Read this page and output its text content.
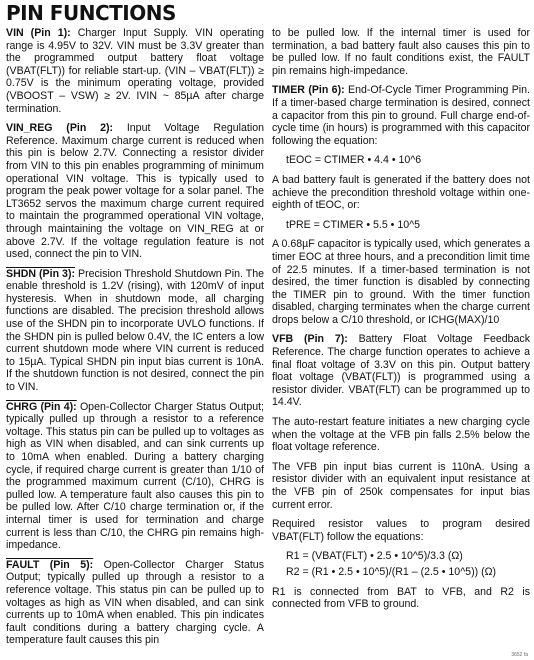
PIN FUNCTIONS

VIN (Pin 1): Charger Input Supply. VIN operating range is 4.95V to 32V. VIN must be 3.3V greater than the programmed output battery float voltage (VBAT(FLT)) for reliable start-up. (VIN – VBAT(FLT)) ≥ 0.75V is the minimum operating voltage, provided (VBOOST – VSW) ≥ 2V. IVIN ~ 85µA after charge termination.

VIN_REG (Pin 2): Input Voltage Regulation Reference. Maximum charge current is reduced when this pin is below 2.7V. Connecting a resistor divider from VIN to this pin enables programming of minimum operational VIN voltage. This is typically used to program the peak power voltage for a solar panel. The LT3652 servos the maximum charge current required to maintain the programmed operational VIN voltage, through maintaining the voltage on VIN_REG at or above 2.7V. If the voltage regulation feature is not used, connect the pin to VIN.

SHDN (Pin 3): Precision Threshold Shutdown Pin. The enable threshold is 1.2V (rising), with 120mV of input hysteresis. When in shutdown mode, all charging functions are disabled. The precision threshold allows use of the SHDN pin to incorporate UVLO functions. If the SHDN pin is pulled below 0.4V, the IC enters a low current shutdown mode where VIN current is reduced to 15µA. Typical SHDN pin input bias current is 10nA. If the shutdown function is not desired, connect the pin to VIN.

CHRG (Pin 4): Open-Collector Charger Status Output; typically pulled up through a resistor to a reference voltage. This status pin can be pulled up to voltages as high as VIN when disabled, and can sink currents up to 10mA when enabled. During a battery charging cycle, if required charge current is greater than 1/10 of the programmed maximum current (C/10), CHRG is pulled low. A temperature fault also causes this pin to be pulled low. After C/10 charge termination or, if the internal timer is used for termination and charge current is less than C/10, the CHRG pin remains high-impedance.

FAULT (Pin 5): Open-Collector Charger Status Output; typically pulled up through a resistor to a reference voltage. This status pin can be pulled up to voltages as high as VIN when disabled, and can sink currents up to 10mA when enabled. This pin indicates fault conditions during a battery charging cycle. A temperature fault causes this pin

to be pulled low. If the internal timer is used for termination, a bad battery fault also causes this pin to be pulled low. If no fault conditions exist, the FAULT pin remains high-impedance.

TIMER (Pin 6): End-Of-Cycle Timer Programming Pin. If a timer-based charge termination is desired, connect a capacitor from this pin to ground. Full charge end-of-cycle time (in hours) is programmed with this capacitor following the equation:

tEOC = CTIMER • 4.4 • 10^6

A bad battery fault is generated if the battery does not achieve the precondition threshold voltage within one-eighth of tEOC, or:

tPRE = CTIMER • 5.5 • 10^5

A 0.68µF capacitor is typically used, which generates a timer EOC at three hours, and a precondition limit time of 22.5 minutes. If a timer-based termination is not desired, the timer function is disabled by connecting the TIMER pin to ground. With the timer function disabled, charging terminates when the charge current drops below a C/10 threshold, or ICHG(MAX)/10

VFB (Pin 7): Battery Float Voltage Feedback Reference. The charge function operates to achieve a final float voltage of 3.3V on this pin. Output battery float voltage (VBAT(FLT)) is programmed using a resistor divider. VBAT(FLT) can be programmed up to 14.4V.

The auto-restart feature initiates a new charging cycle when the voltage at the VFB pin falls 2.5% below the float voltage reference.

The VFB pin input bias current is 110nA. Using a resistor divider with an equivalent input resistance at the VFB pin of 250k compensates for input bias current error.

Required resistor values to program desired VBAT(FLT) follow the equations:

R1 = (VBAT(FLT) • 2.5 • 10^5)/3.3 (Ω)

R2 = (R1 • 2.5 • 10^5)/(R1 – (2.5 • 10^5)) (Ω)

R1 is connected from BAT to VFB, and R2 is connected from VFB to ground.

3652 fa
